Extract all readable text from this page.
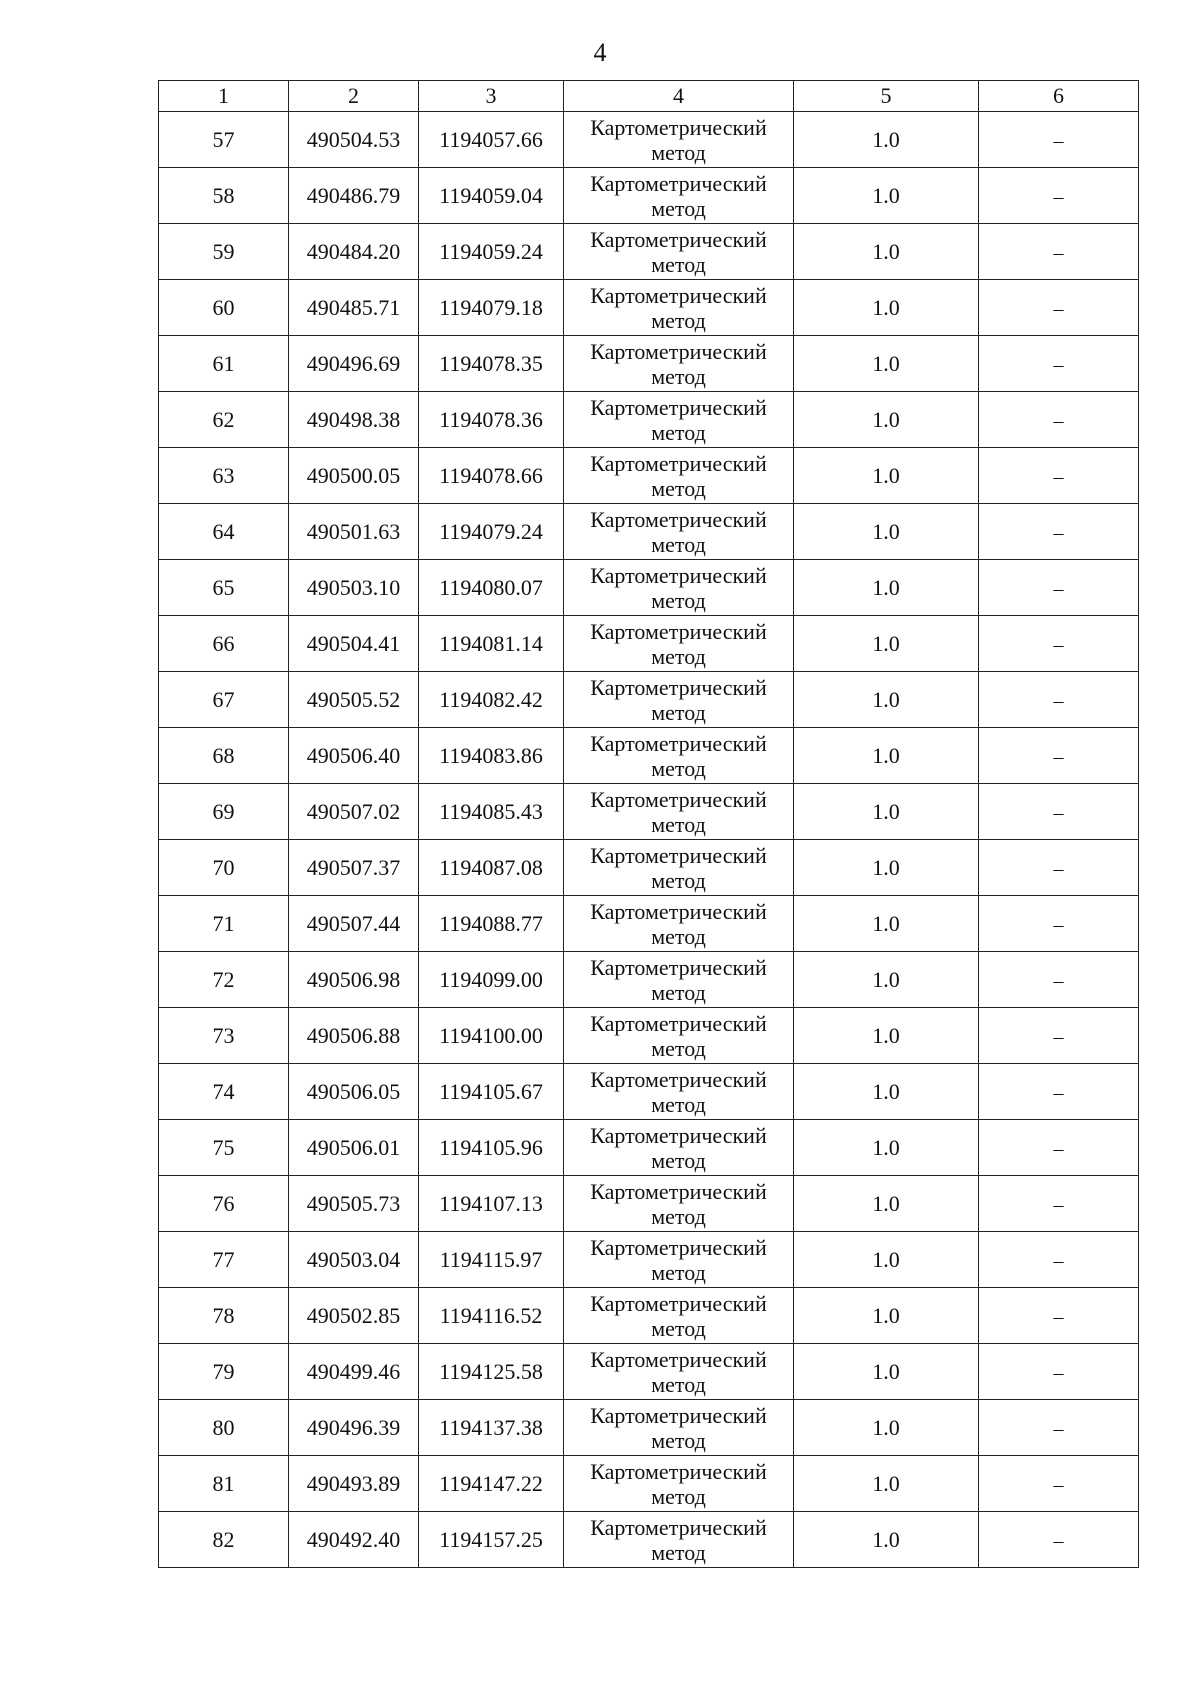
4
1	2	3	4	5	6
57	490504.53	1194057.66	Картометрический метод	1.0	–
58	490486.79	1194059.04	Картометрический метод	1.0	–
59	490484.20	1194059.24	Картометрический метод	1.0	–
60	490485.71	1194079.18	Картометрический метод	1.0	–
61	490496.69	1194078.35	Картометрический метод	1.0	–
62	490498.38	1194078.36	Картометрический метод	1.0	–
63	490500.05	1194078.66	Картометрический метод	1.0	–
64	490501.63	1194079.24	Картометрический метод	1.0	–
65	490503.10	1194080.07	Картометрический метод	1.0	–
66	490504.41	1194081.14	Картометрический метод	1.0	–
67	490505.52	1194082.42	Картометрический метод	1.0	–
68	490506.40	1194083.86	Картометрический метод	1.0	–
69	490507.02	1194085.43	Картометрический метод	1.0	–
70	490507.37	1194087.08	Картометрический метод	1.0	–
71	490507.44	1194088.77	Картометрический метод	1.0	–
72	490506.98	1194099.00	Картометрический метод	1.0	–
73	490506.88	1194100.00	Картометрический метод	1.0	–
74	490506.05	1194105.67	Картометрический метод	1.0	–
75	490506.01	1194105.96	Картометрический метод	1.0	–
76	490505.73	1194107.13	Картометрический метод	1.0	–
77	490503.04	1194115.97	Картометрический метод	1.0	–
78	490502.85	1194116.52	Картометрический метод	1.0	–
79	490499.46	1194125.58	Картометрический метод	1.0	–
80	490496.39	1194137.38	Картометрический метод	1.0	–
81	490493.89	1194147.22	Картометрический метод	1.0	–
82	490492.40	1194157.25	Картометрический метод	1.0	–
